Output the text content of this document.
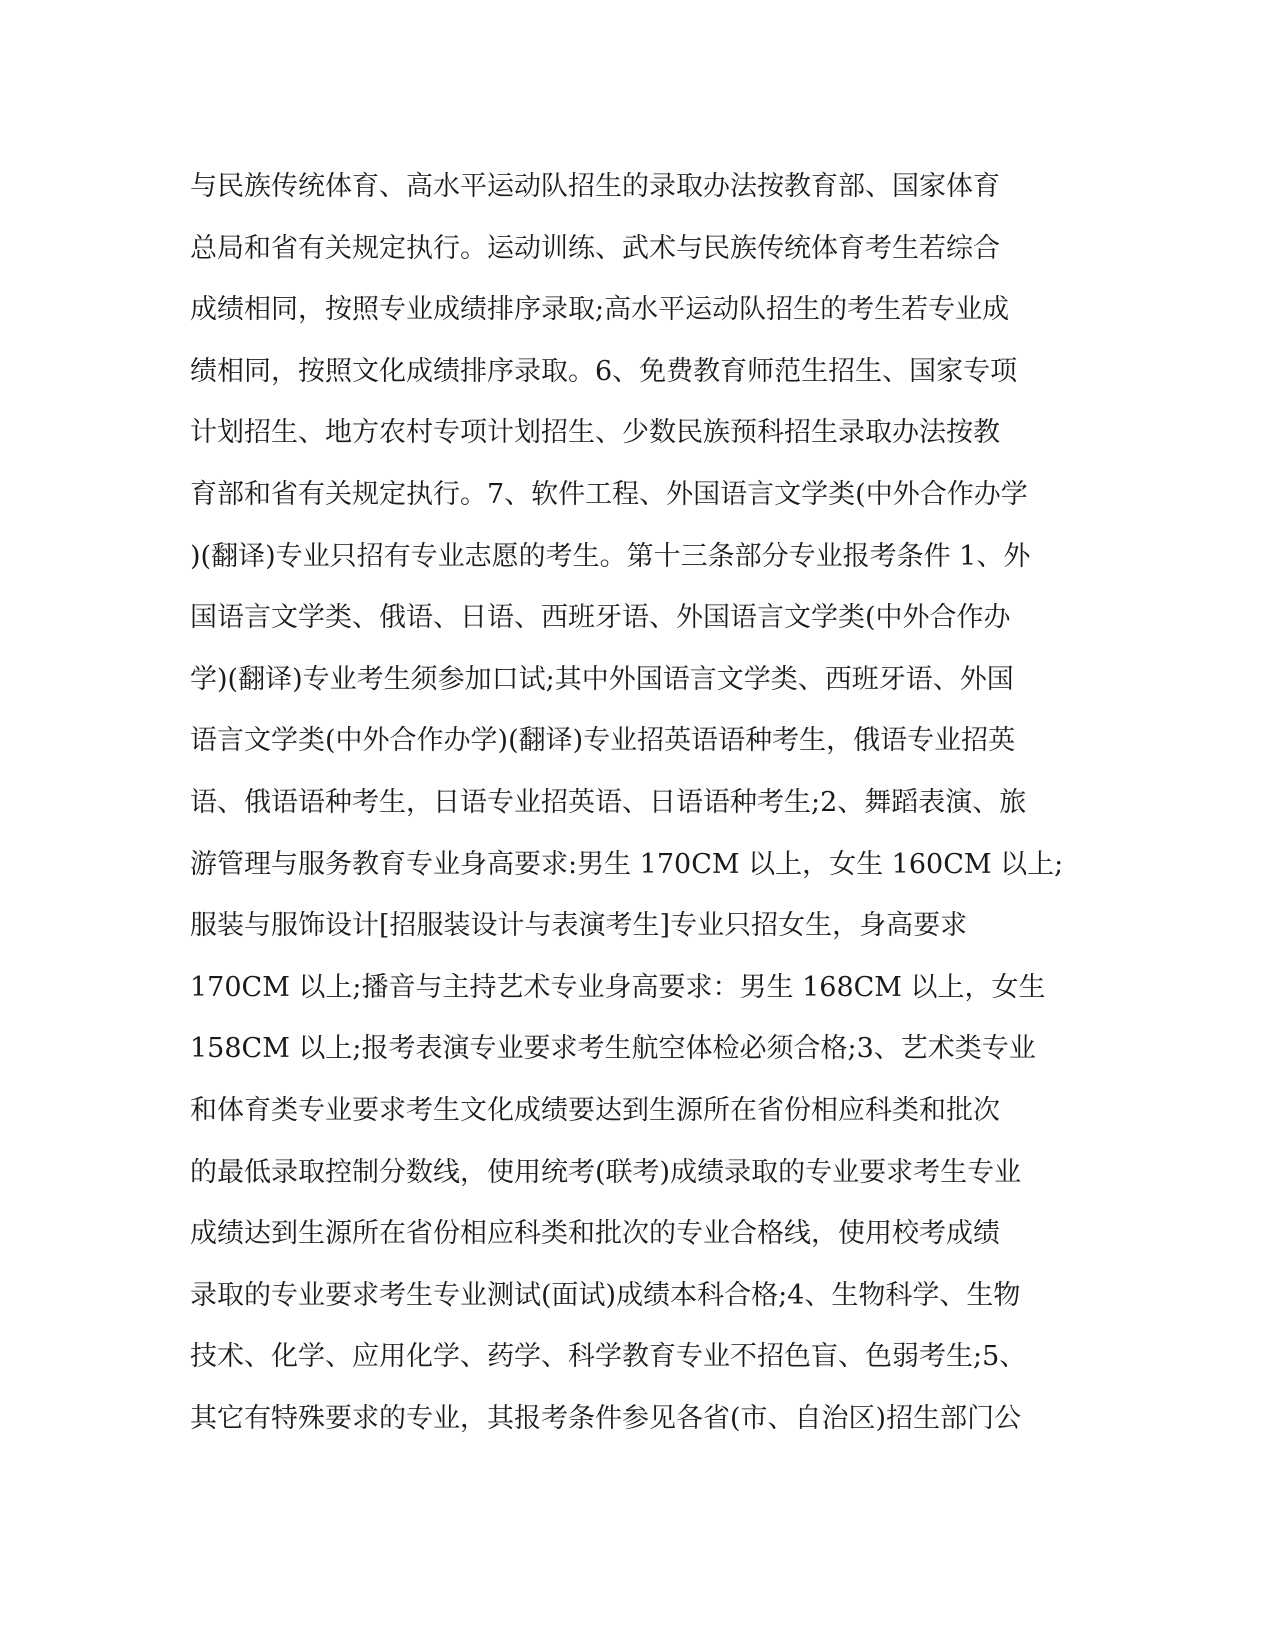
与民族传统体育、高水平运动队招生的录取办法按教育部、国家体育
总局和省有关规定执行。运动训练、武术与民族传统体育考生若综合
成绩相同，按照专业成绩排序录取;高水平运动队招生的考生若专业成
绩相同，按照文化成绩排序录取。6、免费教育师范生招生、国家专项
计划招生、地方农村专项计划招生、少数民族预科招生录取办法按教
育部和省有关规定执行。7、软件工程、外国语言文学类(中外合作办学
)(翻译)专业只招有专业志愿的考生。第十三条部分专业报考条件 1、外
国语言文学类、俄语、日语、西班牙语、外国语言文学类(中外合作办
学)(翻译)专业考生须参加口试;其中外国语言文学类、西班牙语、外国
语言文学类(中外合作办学)(翻译)专业招英语语种考生，俄语专业招英
语、俄语语种考生，日语专业招英语、日语语种考生;2、舞蹈表演、旅
游管理与服务教育专业身高要求:男生 170CM 以上，女生 160CM 以上;
服装与服饰设计[招服装设计与表演考生]专业只招女生，身高要求
170CM 以上;播音与主持艺术专业身高要求：男生 168CM 以上，女生
158CM 以上;报考表演专业要求考生航空体检必须合格;3、艺术类专业
和体育类专业要求考生文化成绩要达到生源所在省份相应科类和批次
的最低录取控制分数线，使用统考(联考)成绩录取的专业要求考生专业
成绩达到生源所在省份相应科类和批次的专业合格线，使用校考成绩
录取的专业要求考生专业测试(面试)成绩本科合格;4、生物科学、生物
技术、化学、应用化学、药学、科学教育专业不招色盲、色弱考生;5、
其它有特殊要求的专业，其报考条件参见各省(市、自治区)招生部门公
